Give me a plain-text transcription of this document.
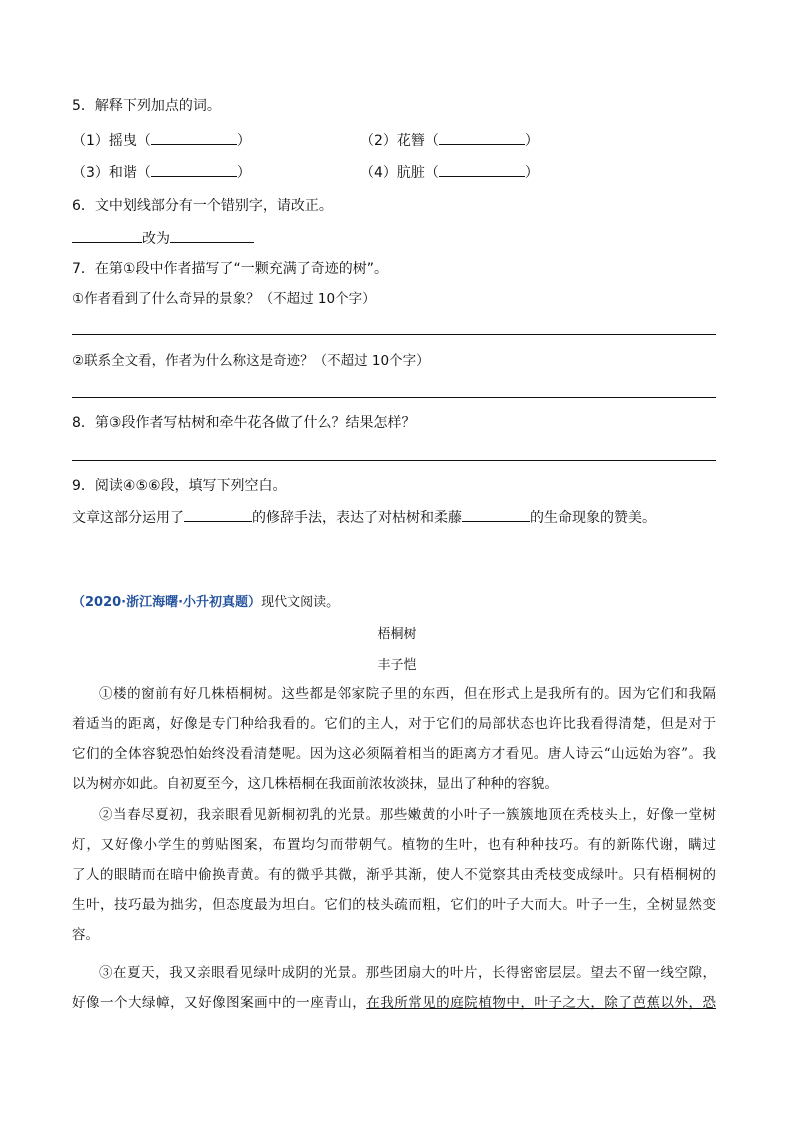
5．解释下列加点的词。
（1）摇曳（	）	（2）花簪（	）
（3）和谐（	）	（4）肮脏（	）
6．文中划线部分有一个错别字，请改正。
改为
7．在第①段中作者描写了“一颗充满了奇迹的树”。
①作者看到了什么奇异的景象？（不超过 10个字）
②联系全文看，作者为什么称这是奇迹？（不超过 10个字）
8．第③段作者写枯树和牵牛花各做了什么？结果怎样？
9．阅读④⑤⑥段，填写下列空白。
文章这部分运用了	的修辞手法，表达了对枯树和柔藤	的生命现象的赞美。
（2020·浙江海曙·小升初真题）现代文阅读。
梧桐树
丰子恺
①楼的窗前有好几株梧桐树。这些都是邻家院子里的东西，但在形式上是我所有的。因为它们和我隔
着适当的距离，好像是专门种给我看的。它们的主人，对于它们的局部状态也许比我看得清楚，但是对于
它们的全体容貌恐怕始终没看清楚呢。因为这必须隔着相当的距离方才看见。唐人诗云“山远始为容”。我
以为树亦如此。自初夏至今，这几株梧桐在我面前浓妆淡抹，显出了种种的容貌。
②当春尽夏初，我亲眼看见新桐初乳的光景。那些嫩黄的小叶子一簇簇地顶在秃枝头上，好像一堂树
灯，又好像小学生的剪贴图案，布置均匀而带朝气。植物的生叶，也有种种技巧。有的新陈代谢，瞒过
了人的眼睛而在暗中偷换青黄。有的微乎其微，渐乎其渐，使人不觉察其由秃枝变成绿叶。只有梧桐树的
生叶，技巧最为拙劣，但态度最为坦白。它们的枝头疏而粗，它们的叶子大而大。叶子一生，全树显然变
容。
③在夏天，我又亲眼看见绿叶成阴的光景。那些团扇大的叶片，长得密密层层。望去不留一线空隙，
好像一个大绿幛，又好像图案画中的一座青山，在我所常见的庭院植物中，叶子之大，除了芭蕉以外，恐
